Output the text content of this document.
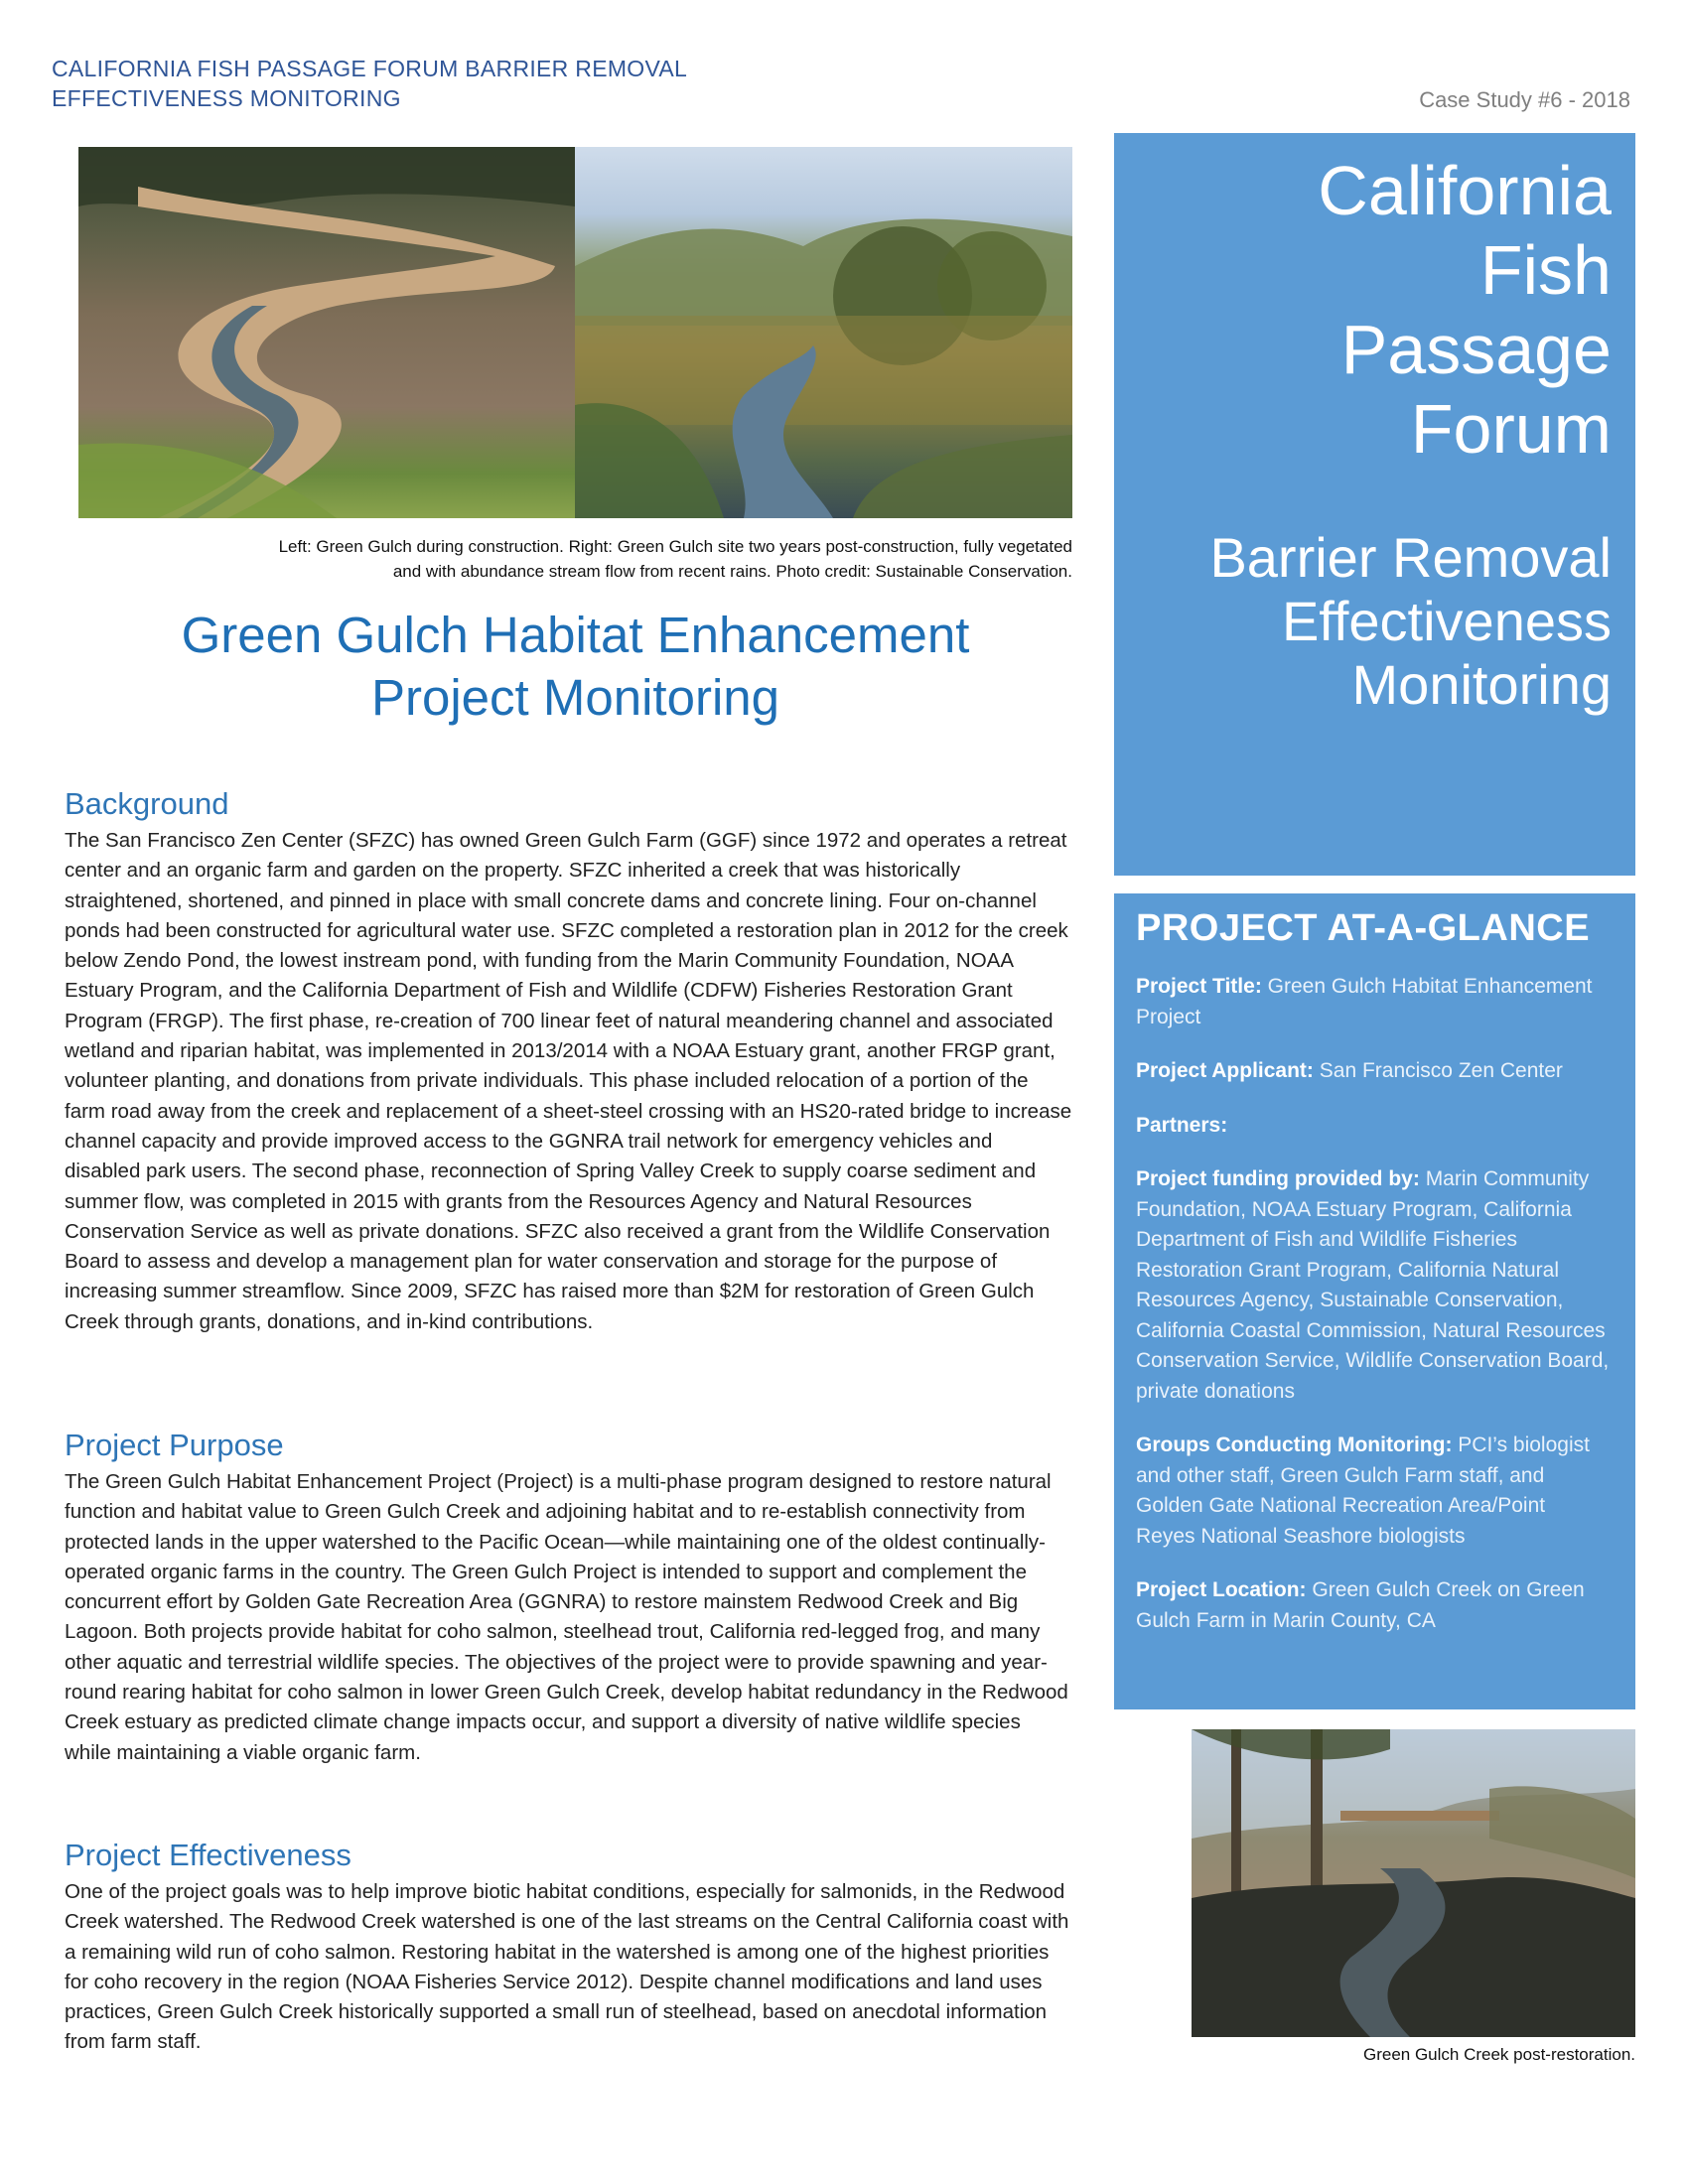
CALIFORNIA FISH PASSAGE FORUM BARRIER REMOVAL
EFFECTIVENESS MONITORING	Case Study #6 - 2018
Left: Green Gulch during construction. Right: Green Gulch site two years post-construction, fully vegetated
and with abundance stream flow from recent rains. Photo credit: Sustainable Conservation.
Green Gulch Habitat Enhancement
Project Monitoring
Background
The San Francisco Zen Center (SFZC) has owned Green Gulch Farm (GGF) since 1972 and operates a retreat center and an organic farm and garden on the property. SFZC inherited a creek that was historically straightened, shortened, and pinned in place with small concrete dams and concrete lining. Four on-channel ponds had been constructed for agricultural water use. SFZC completed a restoration plan in 2012 for the creek below Zendo Pond, the lowest instream pond, with funding from the Marin Community Foundation, NOAA Estuary Program, and the California Department of Fish and Wildlife (CDFW) Fisheries Restoration Grant Program (FRGP). The first phase, re-creation of 700 linear feet of natural meandering channel and associated wetland and riparian habitat, was implemented in 2013/2014 with a NOAA Estuary grant, another FRGP grant, volunteer planting, and donations from private individuals. This phase included relocation of a portion of the farm road away from the creek and replacement of a sheet-steel crossing with an HS20-rated bridge to increase channel capacity and provide improved access to the GGNRA trail network for emergency vehicles and disabled park users. The second phase, reconnection of Spring Valley Creek to supply coarse sediment and summer flow, was completed in 2015 with grants from the Resources Agency and Natural Resources Conservation Service as well as private donations. SFZC also received a grant from the Wildlife Conservation Board to assess and develop a management plan for water conservation and storage for the purpose of increasing summer streamflow. Since 2009, SFZC has raised more than $2M for restoration of Green Gulch Creek through grants, donations, and in-kind contributions.
Project Purpose
The Green Gulch Habitat Enhancement Project (Project) is a multi-phase program designed to restore natural function and habitat value to Green Gulch Creek and adjoining habitat and to re-establish connectivity from protected lands in the upper watershed to the Pacific Ocean—while maintaining one of the oldest continually-operated organic farms in the country. The Green Gulch Project is intended to support and complement the concurrent effort by Golden Gate Recreation Area (GGNRA) to restore mainstem Redwood Creek and Big Lagoon. Both projects provide habitat for coho salmon, steelhead trout, California red-legged frog, and many other aquatic and terrestrial wildlife species. The objectives of the project were to provide spawning and year-round rearing habitat for coho salmon in lower Green Gulch Creek, develop habitat redundancy in the Redwood Creek estuary as predicted climate change impacts occur, and support a diversity of native wildlife species while maintaining a viable organic farm.
Project Effectiveness
One of the project goals was to help improve biotic habitat conditions, especially for salmonids, in the Redwood Creek watershed. The Redwood Creek watershed is one of the last streams on the Central California coast with a remaining wild run of coho salmon. Restoring habitat in the watershed is among one of the highest priorities for coho recovery in the region (NOAA Fisheries Service 2012). Despite channel modifications and land uses practices, Green Gulch Creek historically supported a small run of steelhead, based on anecdotal information from farm staff.
California
Fish
Passage
Forum
Barrier Removal
Effectiveness
Monitoring
PROJECT AT-A-GLANCE
Project Title: Green Gulch Habitat Enhancement Project
Project Applicant: San Francisco Zen Center
Partners:
Project funding provided by: Marin Community Foundation, NOAA Estuary Program, California Department of Fish and Wildlife Fisheries Restoration Grant Program, California Natural Resources Agency, Sustainable Conservation, California Coastal Commission, Natural Resources Conservation Service, Wildlife Conservation Board, private donations
Groups Conducting Monitoring: PCI’s biologist and other staff, Green Gulch Farm staff, and Golden Gate National Recreation Area/Point Reyes National Seashore biologists
Project Location: Green Gulch Creek on Green Gulch Farm in Marin County, CA
Green Gulch Creek post-restoration.
